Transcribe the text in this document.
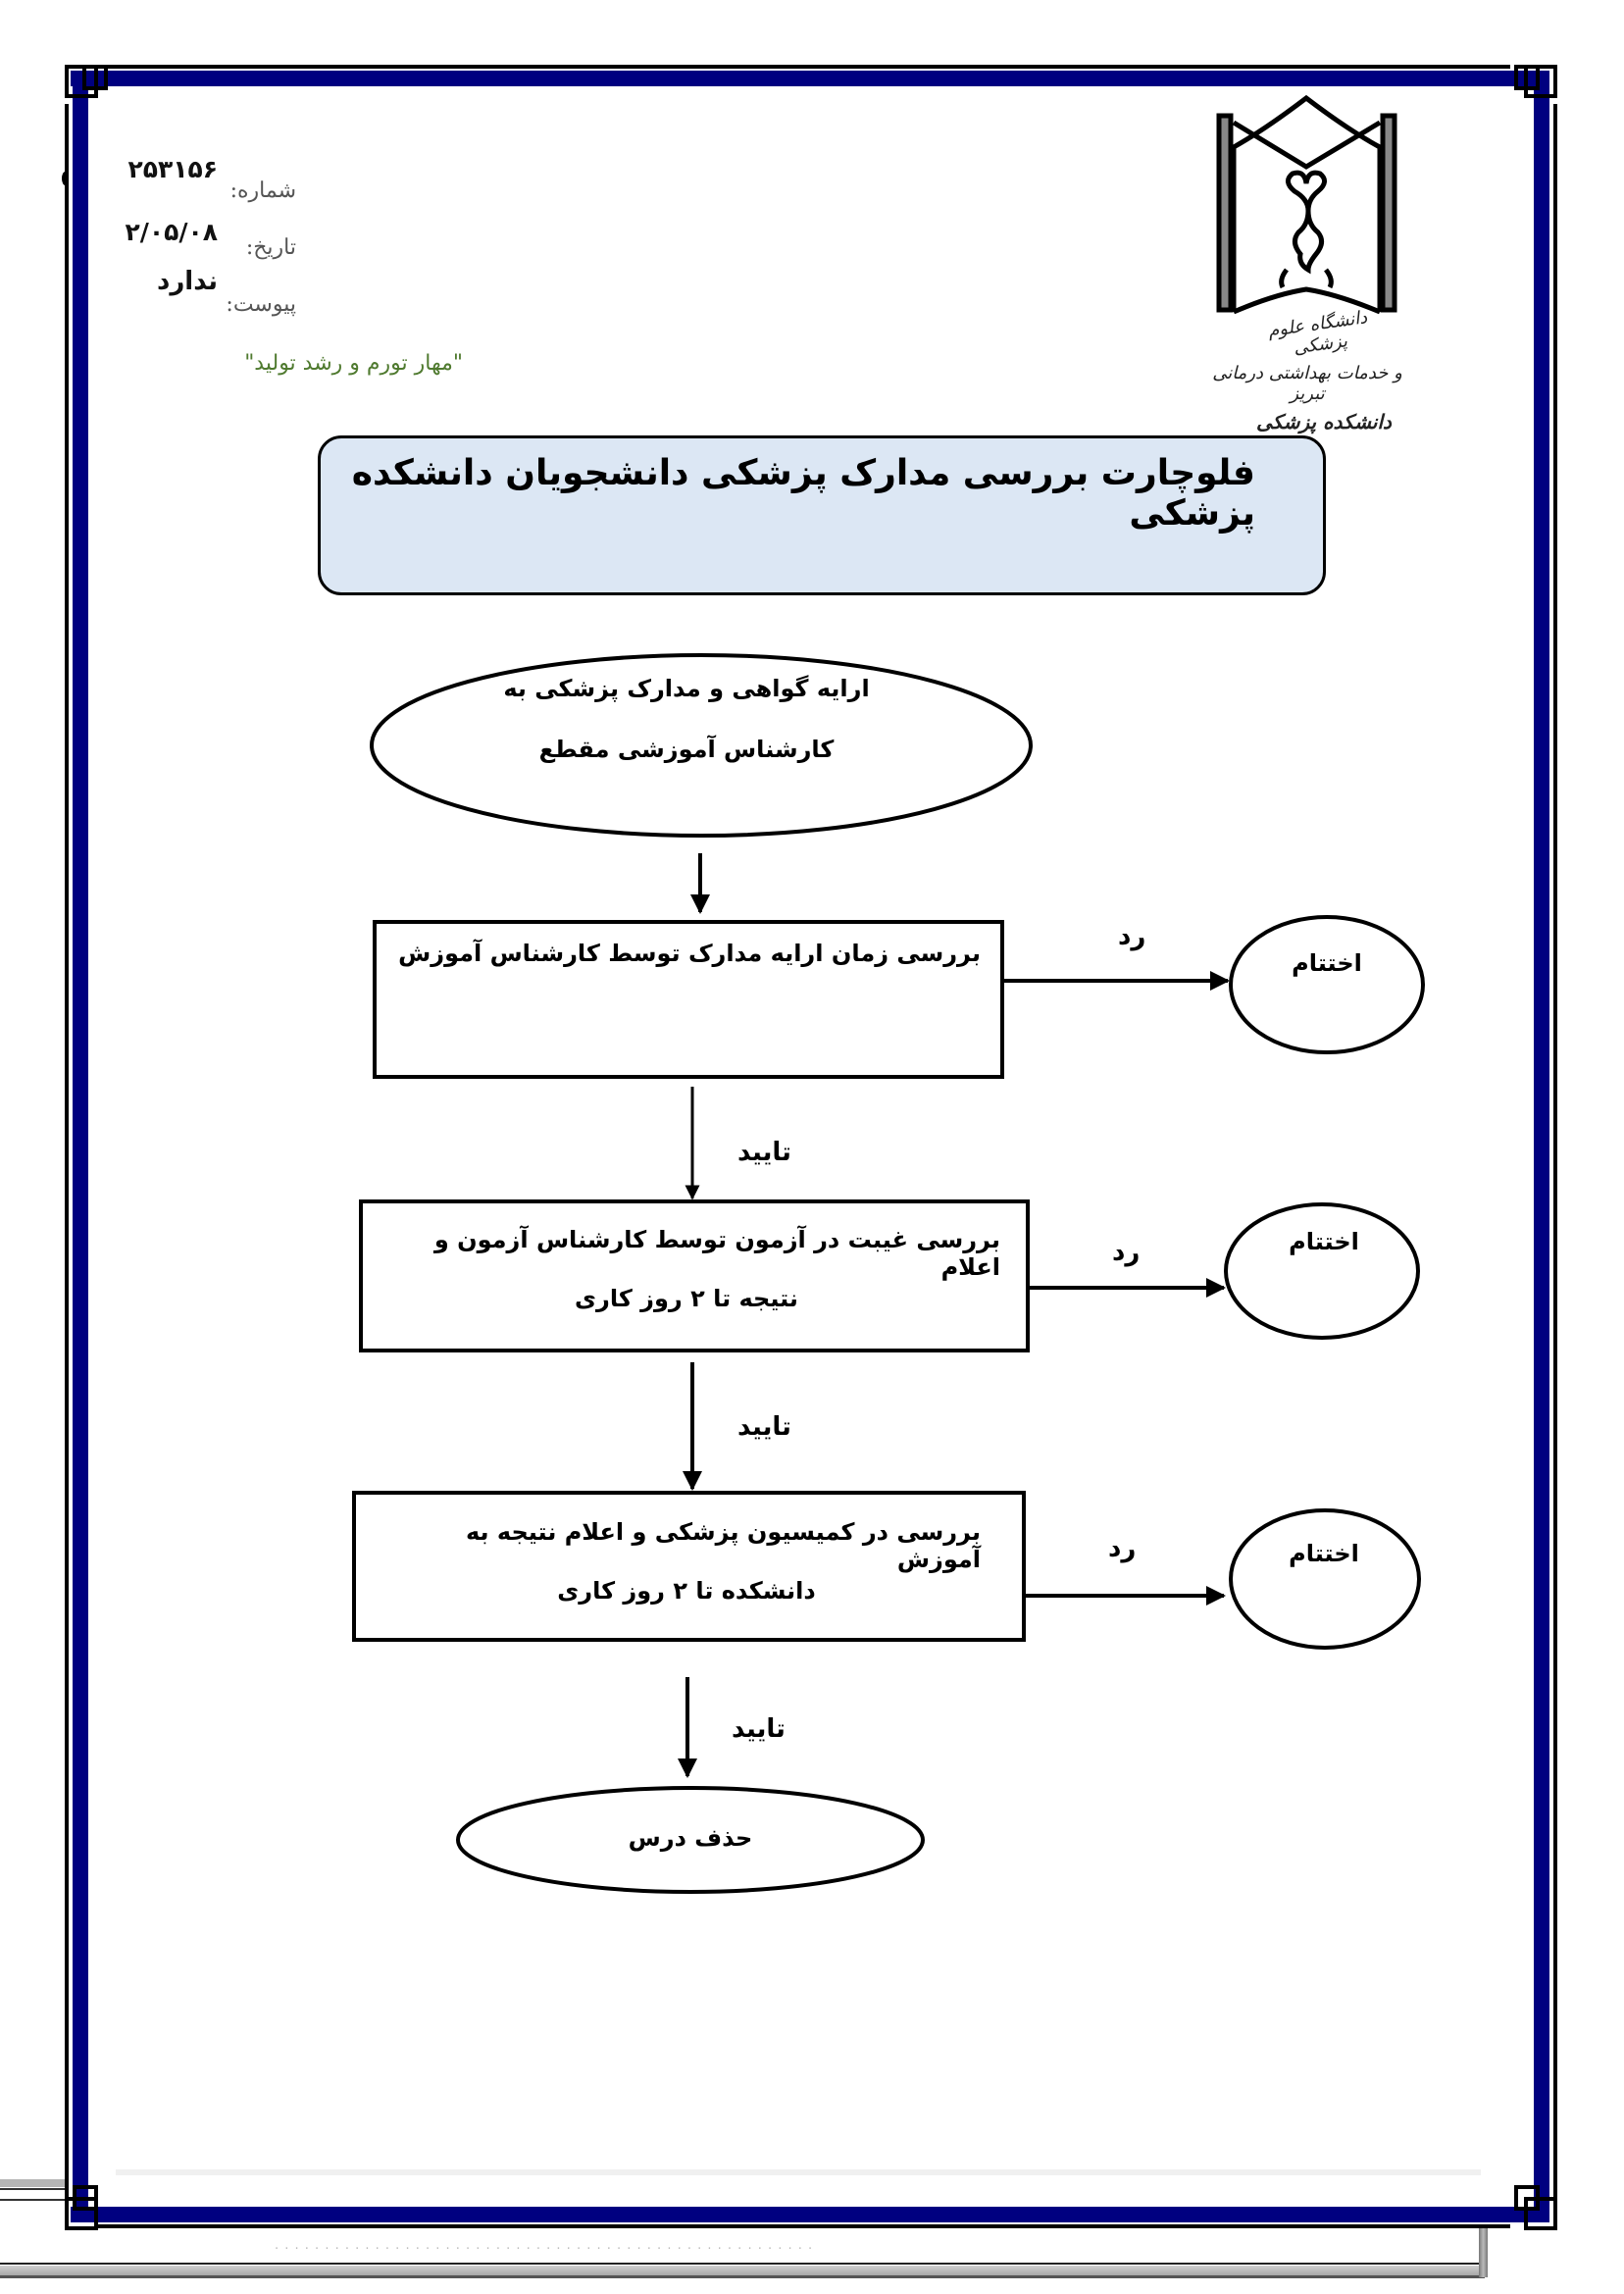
. . . . . . . . . . . . . . . . . . . . . . . . . . . . . . . . . . . . . . . . . . . . . . . . . . . . . .
۲۵۳۱۵۶
شماره:
۲/۰۵/۰۸
تاریخ:
ندارد
پیوست:
"مهار تورم و رشد تولید"
دانشگاه علوم پزشکی
و خدمات بهداشتی درمانی تبریز
دانشکده پزشکی
فلوچارت بررسی مدارک پزشکی دانشجویان دانشکده پزشکی
ارایه گواهی و مدارک پزشکی به
کارشناس آموزشی مقطع
بررسی زمان ارایه مدارک توسط کارشناس آموزش
رد
اختتام
تایید
بررسی غیبت در آزمون توسط کارشناس آزمون و اعلام
نتیجه تا ۲ روز کاری
رد	اختتام
تایید
بررسی در کمیسیون پزشکی و اعلام نتیجه به آموزش
دانشکده تا ۲ روز کاری
رد	اختتام
تایید
حذف درس
